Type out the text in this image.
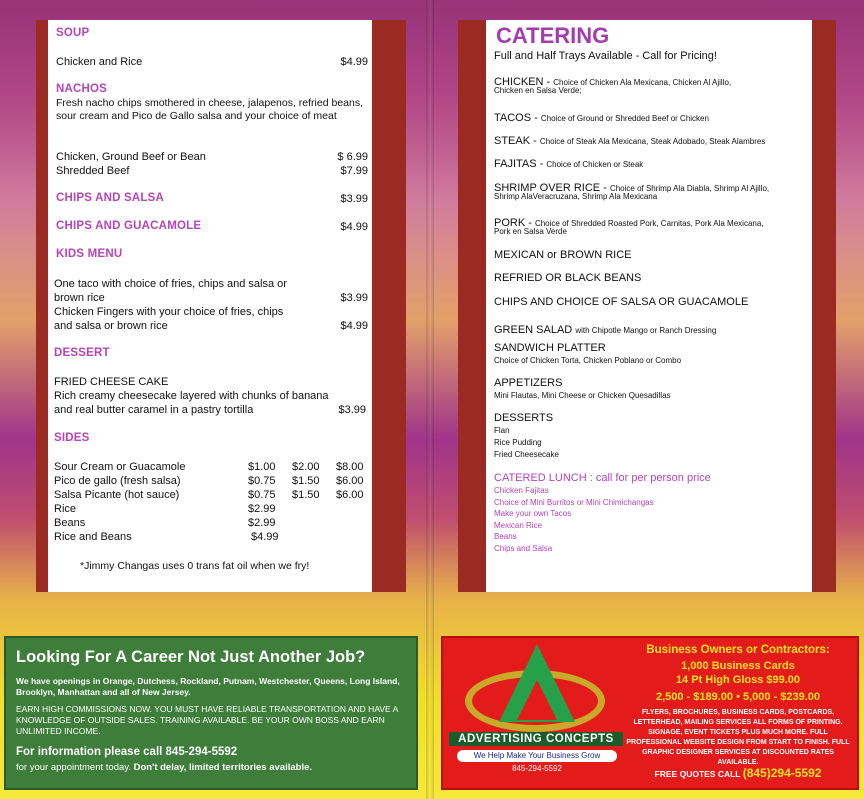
SOUP
Chicken and Rice	$4.99
NACHOS
Fresh nacho chips smothered in cheese, jalapenos, refried beans, sour cream and Pico de Gallo salsa and your choice of meat
Chicken, Ground Beef or Bean	$ 6.99
Shredded Beef	$7.99
CHIPS AND SALSA	$3.99
CHIPS AND GUACAMOLE	$4.99
KIDS MENU
One taco with choice of fries, chips and salsa or
brown rice	$3.99
Chicken Fingers with your choice of fries, chips
and salsa or brown rice	$4.99
DESSERT
FRIED CHEESE CAKE
Rich creamy cheesecake layered with chunks of banana
and real butter caramel in a pastry tortilla	$3.99
SIDES
Sour Cream or Guacamole	$1.00 $2.00 $8.00
Pico de gallo (fresh salsa)	$0.75 $1.50 $6.00
Salsa Picante (hot sauce)	$0.75 $1.50 $6.00
Rice	$2.99
Beans	$2.99
Rice and Beans	$4.99
*Jimmy Changas uses 0 trans fat oil when we fry!
CATERING
Full and Half Trays Available - Call for Pricing!
CHICKEN - Choice of Chicken Ala Mexicana, Chicken Al Ajillo,
Chicken en Salsa Verde;
TACOS - Choice of Ground or Shredded Beef or Chicken
STEAK - Choice of Steak Ala Mexicana, Steak Adobado, Steak Alambres
FAJITAS - Choice of Chicken or Steak
SHRIMP OVER RICE - Choice of Shrimp Ala Diabla, Shrimp Al Ajillo,
Shrimp AlaVeracruzana, Shrimp Ala Mexicana
PORK - Choice of Shredded Roasted Pork, Carnitas, Pork Ala Mexicana,
Pork en Salsa Verde
MEXICAN or BROWN RICE
REFRIED OR BLACK BEANS
CHIPS AND CHOICE OF SALSA OR GUACAMOLE
GREEN SALAD with Chipotle Mango or Ranch Dressing
SANDWICH PLATTER
Choice of Chicken Torta, Chicken Poblano or Combo
APPETIZERS
Mini Flautas, Mini Cheese or Chicken Quesadillas
DESSERTS
Flan
Rice Pudding
Fried Cheesecake
CATERED LUNCH : call for per person price
Chicken Fajitas
Choice of Mini Burritos or Mini Chimichangas
Make your own Tacos
Mexican Rice
Beans
Chips and Salsa
Looking For A Career Not Just Another Job?
We have openings in Orange, Dutchess, Rockland, Putnam, Westchester, Queens, Long Island, Brooklyn, Manhattan and all of New Jersey.
EARN HIGH COMMISSIONS NOW. YOU MUST HAVE RELIABLE TRANSPORTATION AND HAVE A KNOWLEDGE OF OUTSIDE SALES. TRAINING AVAILABLE. BE YOUR OWN BOSS AND EARN UNLIMITED INCOME.
For information please call 845-294-5592
for your appointment today. Don't delay, limited territories available.
ADVERTISING CONCEPTS
We Help Make Your Business Grow
845-294-5592
Business Owners or Contractors:
1,000 Business Cards
14 Pt High Gloss $99.00
2,500 - $189.00 • 5,000 - $239.00
FLYERS, BROCHURES, BUSINESS CARDS, POSTCARDS, LETTERHEAD, MAILING SERVICES ALL FORMS OF PRINTING. SIGNAGE, EVENT TICKETS PLUS MUCH MORE. FULL PROFESSIONAL WEBSITE DESIGN FROM START TO FINISH. FULL GRAPHIC DESIGNER SERVICES AT DISCOUNTED RATES AVAILABLE.
FREE QUOTES CALL (845)294-5592
